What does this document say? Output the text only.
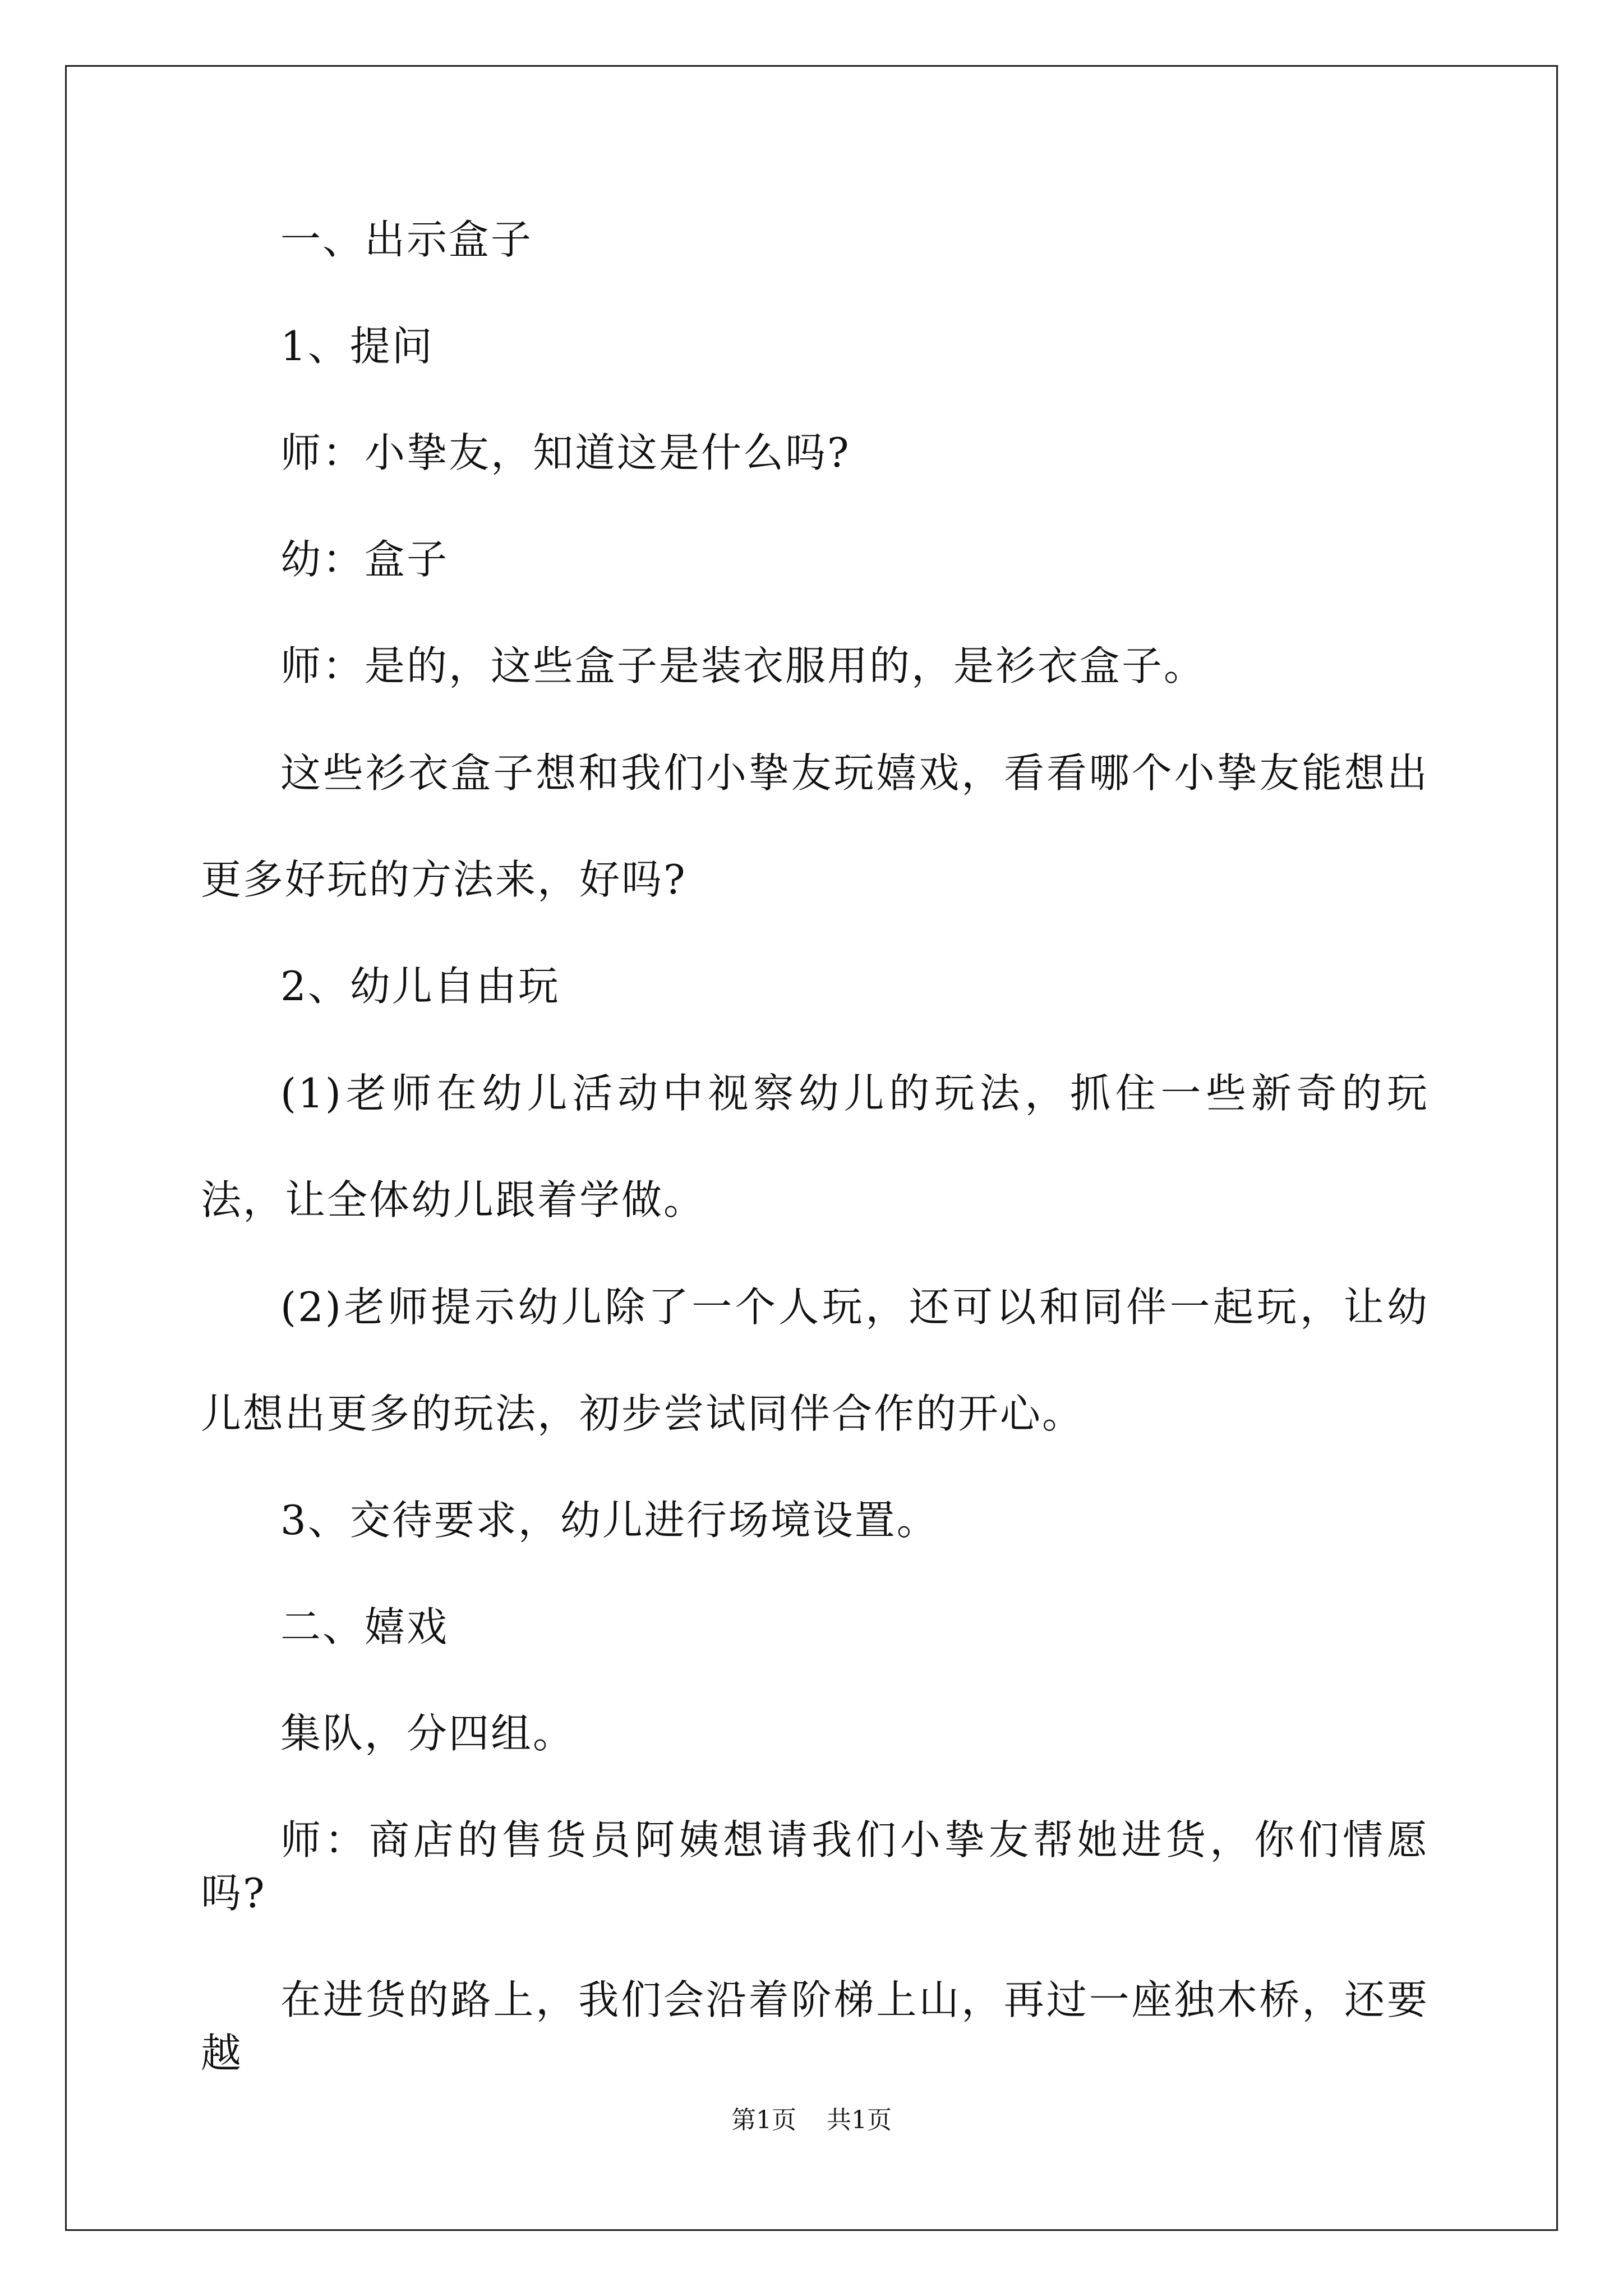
一、出示盒子

1、提问

师：小挚友，知道这是什么吗?

幼：盒子

师：是的，这些盒子是装衣服用的，是衫衣盒子。

这些衫衣盒子想和我们小挚友玩嬉戏，看看哪个小挚友能想出更多好玩的方法来，好吗?

2、幼儿自由玩

(1)老师在幼儿活动中视察幼儿的玩法，抓住一些新奇的玩法，让全体幼儿跟着学做。

(2)老师提示幼儿除了一个人玩，还可以和同伴一起玩，让幼儿想出更多的玩法，初步尝试同伴合作的开心。

3、交待要求，幼儿进行场境设置。

二、嬉戏

集队，分四组。

师：商店的售货员阿姨想请我们小挚友帮她进货，你们情愿吗?

在进货的路上，我们会沿着阶梯上山，再过一座独木桥，还要越

第1页 共1页
